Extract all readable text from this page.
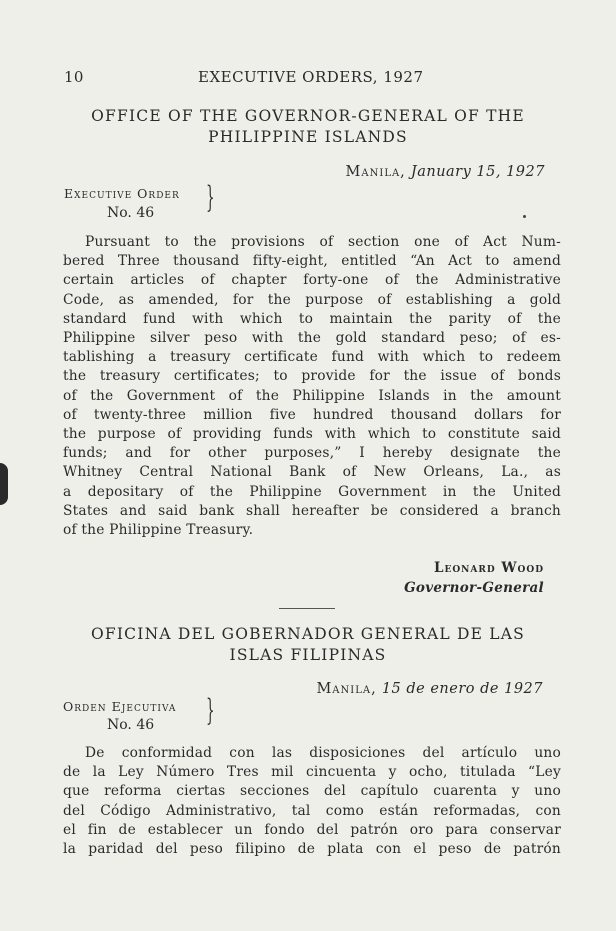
10	EXECUTIVE ORDERS, 1927
OFFICE OF THE GOVERNOR-GENERAL OF THE
PHILIPPINE ISLANDS
Manila, January 15, 1927
Executive Order
No. 46 }
Pursuant to the provisions of section one of Act Num-
bered Three thousand fifty-eight, entitled “An Act to amend
certain articles of chapter forty-one of the Administrative
Code, as amended, for the purpose of establishing a gold
standard fund with which to maintain the parity of the
Philippine silver peso with the gold standard peso; of es-
tablishing a treasury certificate fund with which to redeem
the treasury certificates; to provide for the issue of bonds
of the Government of the Philippine Islands in the amount
of twenty-three million five hundred thousand dollars for
the purpose of providing funds with which to constitute said
funds; and for other purposes,” I hereby designate the
Whitney Central National Bank of New Orleans, La., as
a depositary of the Philippine Government in the United
States and said bank shall hereafter be considered a branch
of the Philippine Treasury.
Leonard Wood
Governor-General
OFICINA DEL GOBERNADOR GENERAL DE LAS
ISLAS FILIPINAS
Manila, 15 de enero de 1927
Orden Ejecutiva
No. 46 }
De conformidad con las disposiciones del artículo uno
de la Ley Número Tres mil cincuenta y ocho, titulada “Ley
que reforma ciertas secciones del capítulo cuarenta y uno
del Código Administrativo, tal como están reformadas, con
el fin de establecer un fondo del patrón oro para conservar
la paridad del peso filipino de plata con el peso de patrón
